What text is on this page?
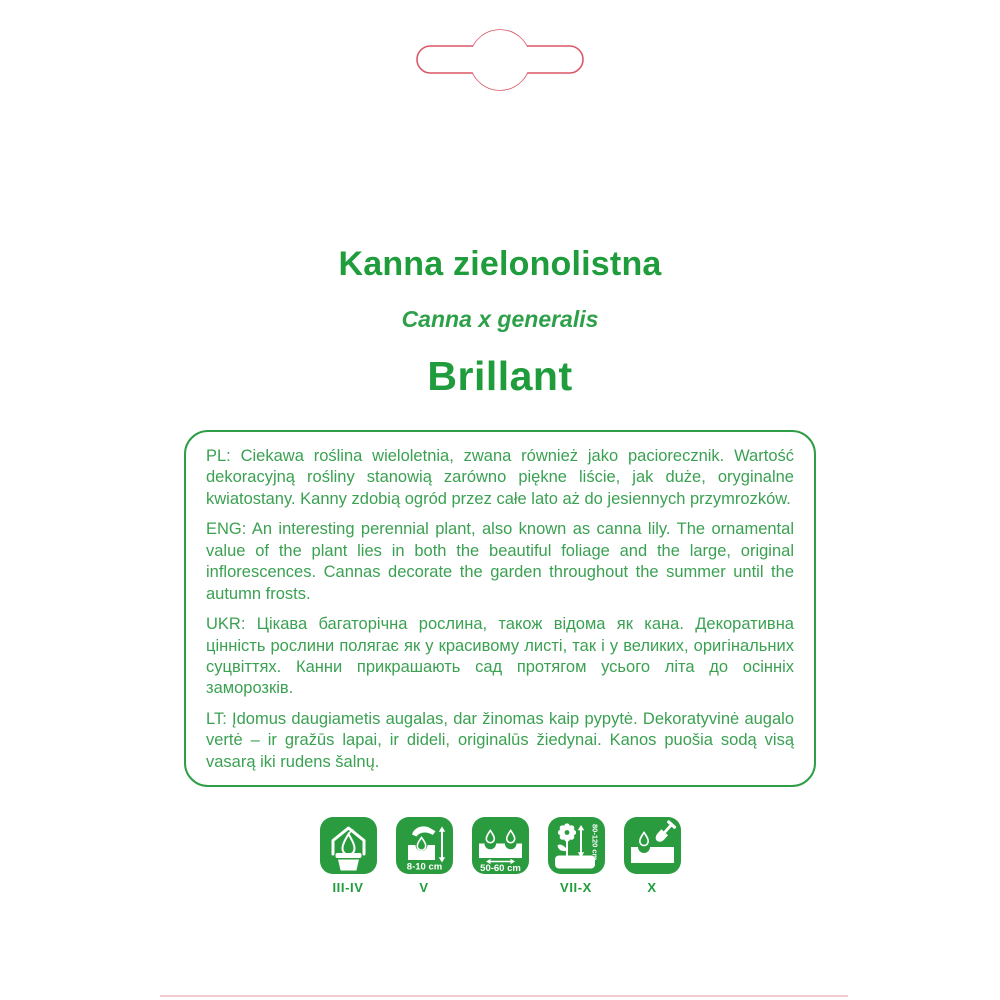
Kanna zielonolistna
Canna x generalis
Brillant

PL: Ciekawa roślina wieloletnia, zwana również jako paciorecznik. Wartość dekoracyjną rośliny stanowią zarówno piękne liście, jak duże, oryginalne kwiatostany. Kanny zdobią ogród przez całe lato aż do jesiennych przymrozków.

ENG: An interesting perennial plant, also known as canna lily. The ornamental value of the plant lies in both the beautiful foliage and the large, original inflorescences. Cannas decorate the garden throughout the summer until the autumn frosts.

UKR: Цікава багаторічна рослина, також відома як кана. Декоративна цінність рослини полягає як у красивому листі, так і у великих, оригінальних суцвіттях. Канни прикрашають сад протягом усього літа до осінніх заморозків.

LT: Įdomus daugiametis augalas, dar žinomas kaip pypytė. Dekoratyvinė augalo vertė – ir gražūs lapai, ir dideli, originalūs žiedynai. Kanos puošia sodą visą vasarą iki rudens šalnų.

III-IV
8-10 cm
V
50-60 cm
80-120 cm
VII-X	X
